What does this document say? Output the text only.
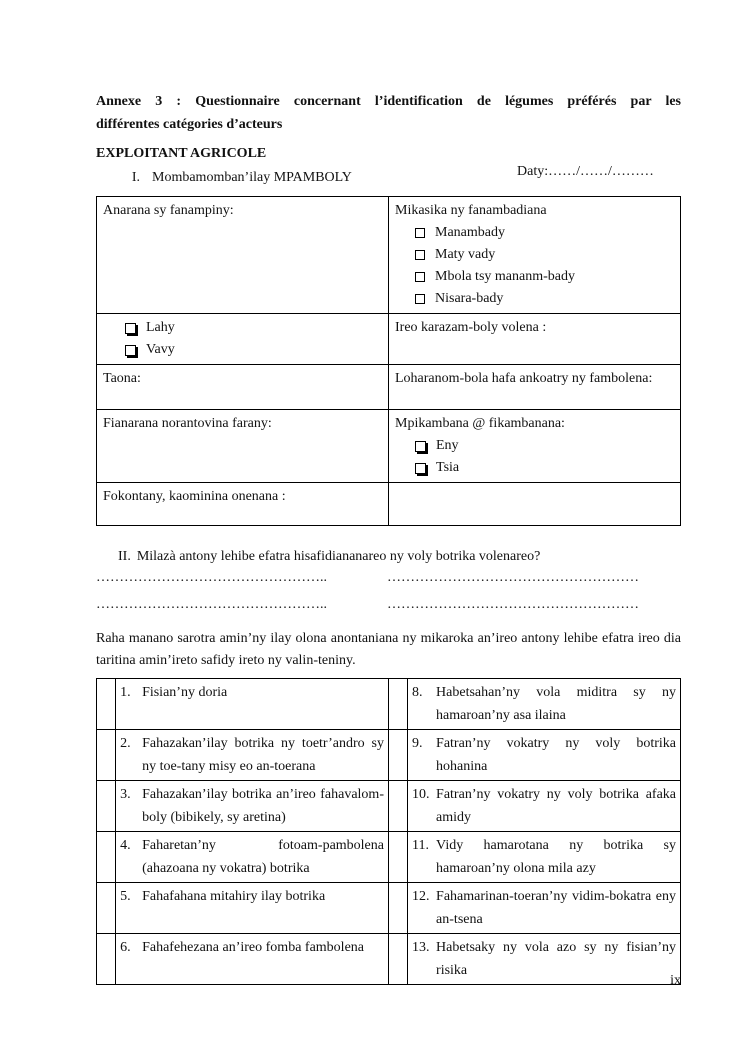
Annexe 3 : Questionnaire concernant l’identification de légumes préférés par les
différentes catégories d’acteurs

EXPLOITANT AGRICOLE
I. Mombamomban’ilay MPAMBOLY	Daty:……/……/………
Anarana sy fanampiny:	Mikasika ny fanambadiana
Manambady
Maty vady
Mbola tsy mananm-bady
Nisara-bady

Lahy
Vavy	Ireo karazam-boly volena :
Taona:	Loharanom-bola hafa ankoatry ny fambolena:
Fianarana norantovina farany:	Mpikambana @ fikambanana:
Eny
Tsia

Fokontany, kaominina onenana :	
II. Milazà antony lehibe efatra hisafidiananareo ny voly botrika volenareo?
…………………………………………..	………………………………………………
…………………………………………..	………………………………………………
Raha manano sarotra amin’ny ilay olona anontaniana ny mikaroka an’ireo antony lehibe efatra ireo dia taritina amin’ireto safidy ireto ny valin-teniny.

	1. Fisian’ny doria		8. Habetsahan’ny vola miditra sy ny hamaroan’ny asa ilaina

	2. Fahazakan’ilay botrika ny toetr’andro sy ny toe-tany misy eo an-toerana		9. Fatran’ny vokatry ny voly botrika hohanina

	3. Fahazakan’ilay botrika an’ireo fahavalom-boly (bibikely, sy aretina)		10. Fatran’ny vokatry ny voly botrika afaka amidy

	4. Faharetan’ny fotoam-pambolena (ahazoana ny vokatra) botrika		11. Vidy hamarotana ny botrika sy hamaroan’ny olona mila azy

	5. Fahafahana mitahiry ilay botrika		12. Fahamarinan-toeran’ny vidim-bokatra eny an-tsena

	6. Fahafehezana an’ireo fomba fambolena		13. Habetsaky ny vola azo sy ny fisian’ny risika
ix
